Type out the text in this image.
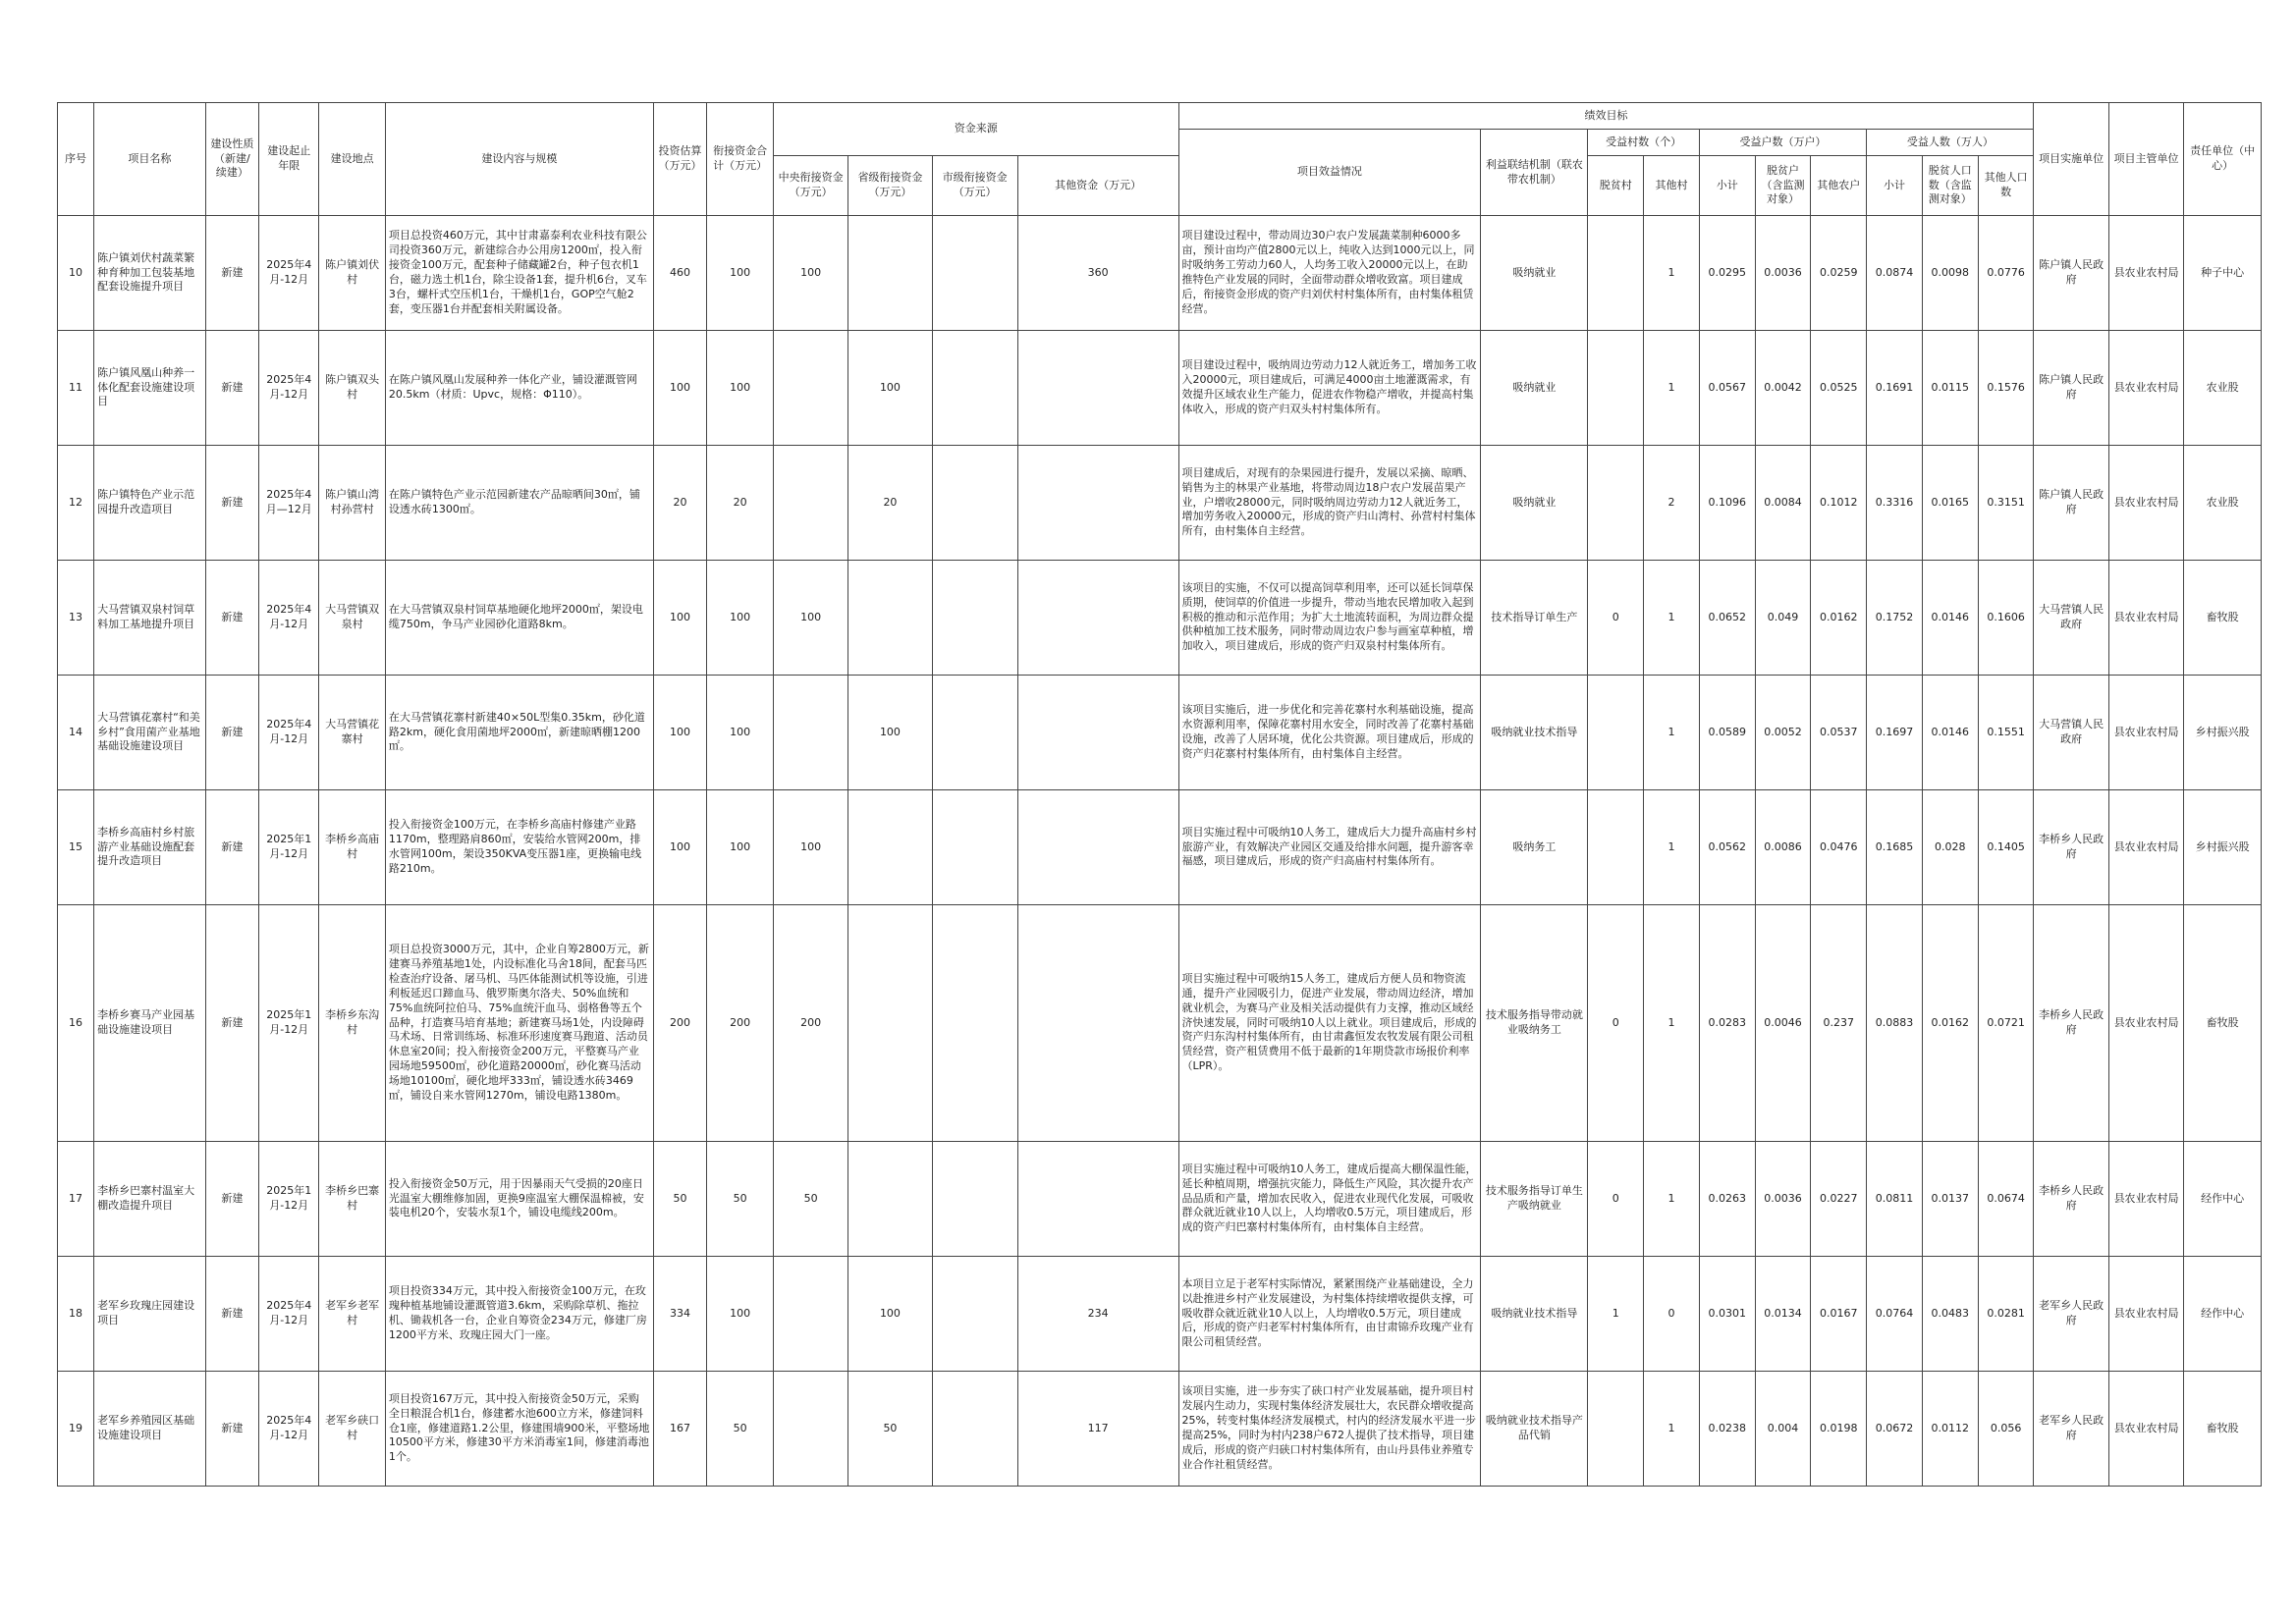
序号	项目名称	建设性质（新建/续建）	建设起止年限	建设地点	建设内容与规模	投资估算（万元）	衔接资金合计（万元）	资金来源				绩效目标										项目实施单位	项目主管单位	责任单位（中心）
												项目效益情况	利益联结机制（联农带农机制）	受益村数（个）		受益户数（万户）			受益人数（万人）					
								中央衔接资金（万元）	省级衔接资金（万元）	市级衔接资金（万元）	其他资金（万元）			脱贫村	其他村	小计	脱贫户（含监测对象）	其他农户	小计	脱贫人口数（含监测对象）	其他人口数			
10	陈户镇刘伏村蔬菜繁种育种加工包装基地配套设施提升项目	新建	2025年4月-12月	陈户镇刘伏村	项目总投资460万元，其中甘肃嘉泰利农业科技有限公司投资360万元，新建综合办公用房1200㎡，投入衔接资金100万元，配套种子储藏罐2台，种子包衣机1台，磁力选土机1台，除尘设备1套，提升机6台，叉车3台，螺杆式空压机1台，干燥机1台，GOP空气舱2套，变压器1台并配套相关附属设备。	460	100	100			360	项目建设过程中，带动周边30户农户发展蔬菜制种6000多亩，预计亩均产值2800元以上，纯收入达到1000元以上，同时吸纳务工劳动力60人，人均务工收入20000元以上，在助推特色产业发展的同时，全面带动群众增收致富。项目建成后，衔接资金形成的资产归刘伏村村集体所有，由村集体租赁经营。	吸纳就业		1	0.0295	0.0036	0.0259	0.0874	0.0098	0.0776	陈户镇人民政府	县农业农村局	种子中心
11	陈户镇风凰山种养一体化配套设施建设项目	新建	2025年4月-12月	陈户镇双头村	在陈户镇风凰山发展种养一体化产业，铺设灌溉管网20.5km（材质：Upvc，规格：Φ110）。	100	100		100			项目建设过程中，吸纳周边劳动力12人就近务工，增加务工收入20000元，项目建成后，可满足4000亩土地灌溉需求，有效提升区域农业生产能力，促进农作物稳产增收，并提高村集体收入，形成的资产归双头村村集体所有。	吸纳就业		1	0.0567	0.0042	0.0525	0.1691	0.0115	0.1576	陈户镇人民政府	县农业农村局	农业股
12	陈户镇特色产业示范园提升改造项目	新建	2025年4月—12月	陈户镇山湾村孙营村	在陈户镇特色产业示范园新建农产品晾晒间30㎡，铺设透水砖1300㎡。	20	20		20			项目建成后，对现有的杂果园进行提升，发展以采摘、晾晒、销售为主的林果产业基地，将带动周边18户农户发展苗果产业，户增收28000元，同时吸纳周边劳动力12人就近务工，增加劳务收入20000元，形成的资产归山湾村、孙营村村集体所有，由村集体自主经营。	吸纳就业		2	0.1096	0.0084	0.1012	0.3316	0.0165	0.3151	陈户镇人民政府	县农业农村局	农业股
13	大马营镇双泉村饲草料加工基地提升项目	新建	2025年4月-12月	大马营镇双泉村	在大马营镇双泉村饲草基地硬化地坪2000㎡，架设电缆750m，争马产业园砂化道路8km。	100	100	100				该项目的实施，不仅可以提高饲草利用率，还可以延长饲草保质期，使饲草的价值进一步提升，带动当地农民增加收入起到积极的推动和示范作用；为扩大土地流转面积，为周边群众提供种植加工技术服务，同时带动周边农户参与画室草种植，增加收入，项目建成后，形成的资产归双泉村村集体所有。	技术指导订单生产	0	1	0.0652	0.049	0.0162	0.1752	0.0146	0.1606	大马营镇人民政府	县农业农村局	畜牧股
14	大马营镇花寨村“和美乡村”食用菌产业基地基础设施建设项目	新建	2025年4月-12月	大马营镇花寨村	在大马营镇花寨村新建40×50L型集0.35km，砂化道路2km，硬化食用菌地坪2000㎡，新建晾晒棚1200㎡。	100	100		100			该项目实施后，进一步优化和完善花寨村水利基础设施，提高水资源利用率，保障花寨村用水安全，同时改善了花寨村基础设施，改善了人居环境，优化公共资源。项目建成后，形成的资产归花寨村村集体所有，由村集体自主经营。	吸纳就业技术指导		1	0.0589	0.0052	0.0537	0.1697	0.0146	0.1551	大马营镇人民政府	县农业农村局	乡村振兴股
15	李桥乡高庙村乡村旅游产业基础设施配套提升改造项目	新建	2025年1月-12月	李桥乡高庙村	投入衔接资金100万元，在李桥乡高庙村修建产业路1170m，整理路肩860㎡，安装给水管网200m，排水管网100m，架设350KVA变压器1座，更换输电线路210m。	100	100	100				项目实施过程中可吸纳10人务工，建成后大力提升高庙村乡村旅游产业，有效解决产业园区交通及给排水问题，提升游客幸福感，项目建成后，形成的资产归高庙村村集体所有。	吸纳务工		1	0.0562	0.0086	0.0476	0.1685	0.028	0.1405	李桥乡人民政府	县农业农村局	乡村振兴股
16	李桥乡赛马产业园基础设施建设项目	新建	2025年1月-12月	李桥乡东沟村	项目总投资3000万元，其中，企业自筹2800万元，新建赛马养殖基地1处，内设标准化马舍18间，配套马匹检查治疗设备、屠马机、马匹体能测试机等设施，引进利板延迟口蹄血马、俄罗斯奥尔洛夫、50%血统和75%血统阿拉伯马、75%血统汗血马、弱格鲁等五个品种，打造赛马培育基地；新建赛马场1处，内设障碍马术场、日常训练场、标准环形速度赛马跑道、活动员休息室20间；投入衔接资金200万元，平整赛马产业园场地59500㎡，砂化道路20000㎡，砂化赛马活动场地10100㎡，硬化地坪333㎡，铺设透水砖3469㎡，铺设自来水管网1270m，铺设电路1380m。	200	200	200				项目实施过程中可吸纳15人务工，建成后方便人员和物资流通，提升产业园吸引力，促进产业发展，带动周边经济，增加就业机会，为赛马产业及相关活动提供有力支撑，推动区域经济快速发展，同时可吸纳10人以上就业。项目建成后，形成的资产归东沟村村集体所有，由甘肃鑫恒发农牧发展有限公司租赁经营，资产租赁费用不低于最新的1年期贷款市场报价利率（LPR）。	技术服务指导带动就业吸纳务工	0	1	0.0283	0.0046	0.237	0.0883	0.0162	0.0721	李桥乡人民政府	县农业农村局	畜牧股
17	李桥乡巴寨村温室大棚改造提升项目	新建	2025年1月-12月	李桥乡巴寨村	投入衔接资金50万元，用于因暴雨天气受损的20座日光温室大棚维修加固，更换9座温室大棚保温棉被，安装电机20个，安装水泵1个，铺设电缆线200m。	50	50	50				项目实施过程中可吸纳10人务工，建成后提高大棚保温性能，延长种植周期，增强抗灾能力，降低生产风险，其次提升农产品品质和产量，增加农民收入，促进农业现代化发展，可吸收群众就近就业10人以上，人均增收0.5万元，项目建成后，形成的资产归巴寨村村集体所有，由村集体自主经营。	技术服务指导订单生产吸纳就业	0	1	0.0263	0.0036	0.0227	0.0811	0.0137	0.0674	李桥乡人民政府	县农业农村局	经作中心
18	老军乡玫瑰庄园建设项目	新建	2025年4月-12月	老军乡老军村	项目投资334万元，其中投入衔接资金100万元，在玫瑰种植基地铺设灌溉管道3.6km，采购除草机、拖拉机、锄栽机各一台，企业自筹资金234万元，修建厂房1200平方米、玫瑰庄园大门一座。	334	100		100		234	本项目立足于老军村实际情况，紧紧围绕产业基础建设，全力以赴推进乡村产业发展建设，为村集体持续增收提供支撑，可吸收群众就近就业10人以上，人均增收0.5万元，项目建成后，形成的资产归老军村村集体所有，由甘肃锦乔玫瑰产业有限公司租赁经营。	吸纳就业技术指导	1	0	0.0301	0.0134	0.0167	0.0764	0.0483	0.0281	老军乡人民政府	县农业农村局	经作中心
19	老军乡养殖园区基础设施建设项目	新建	2025年4月-12月	老军乡硖口村	项目投资167万元，其中投入衔接资金50万元，采购全日粮混合机1台，修建蓄水池600立方米，修建饲料仓1座，修建道路1.2公里，修建围墙900米，平整场地10500平方米，修建30平方米消毒室1间，修建消毒池1个。	167	50		50		117	该项目实施，进一步夯实了硖口村产业发展基础，提升项目村发展内生动力，实现村集体经济发展壮大，农民群众增收提高25%，转变村集体经济发展模式，村内的经济发展水平进一步提高25%，同时为村内238户672人提供了技术指导，项目建成后，形成的资产归硖口村村集体所有，由山丹县伟业养殖专业合作社租赁经营。	吸纳就业技术指导产品代销		1	0.0238	0.004	0.0198	0.0672	0.0112	0.056	老军乡人民政府	县农业农村局	畜牧股
